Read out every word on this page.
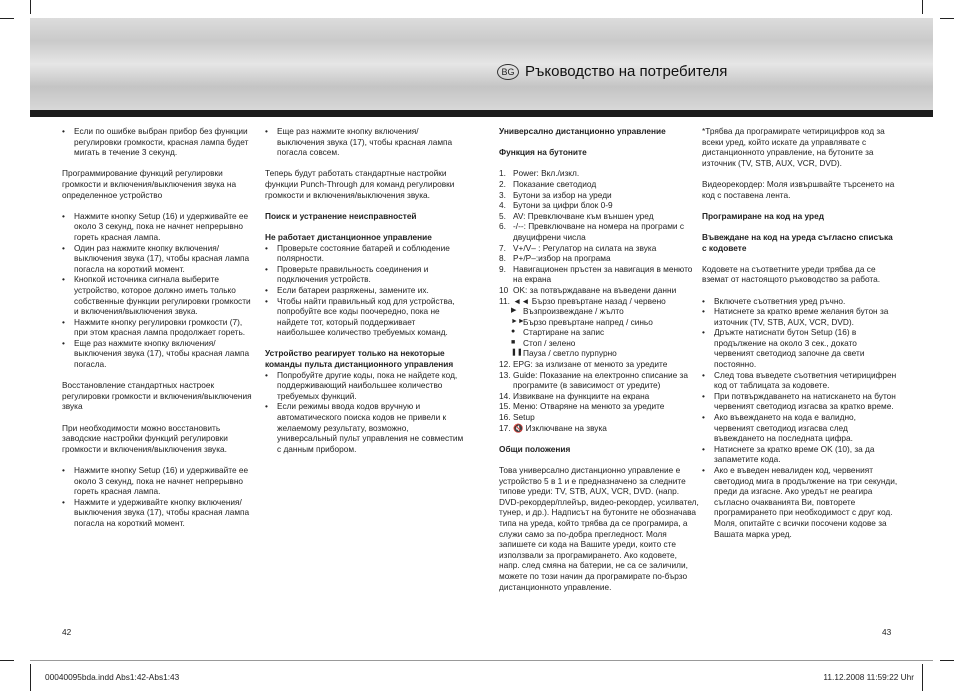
BG Ръководство на потребителя
• Если по ошибке выбран прибор без функции регулировки громкости, красная лампа будет мигать в течение 3 секунд.
Программирование функций регулировки громкости и включения/выключения звука на определенное устройство
• Нажмите кнопку Setup (16) и удерживайте ее около 3 секунд, пока не начнет непрерывно гореть красная лампа.
• Один раз нажмите кнопку включения/выключения звука (17), чтобы красная лампа погасла на короткий момент.
• Кнопкой источника сигнала выберите устройство, которое должно иметь только собственные функции регулировки громкости и включения/выключения звука.
• Нажмите кнопку регулировки громкости (7), при этом красная лампа продолжает гореть.
• Еще раз нажмите кнопку включения/выключения звука (17), чтобы красная лампа погасла.
Восстановление стандартных настроек регулировки громкости и включения/выключения звука
При необходимости можно восстановить заводские настройки функций регулировки громкости и включения/выключения звука.
• Нажмите кнопку Setup (16) и удерживайте ее около 3 секунд, пока не начнет непрерывно гореть красная лампа.
• Нажмите и удерживайте кнопку включения/выключения звука (17), чтобы красная лампа погасла на короткий момент.
• Еще раз нажмите кнопку включения/выключения звука (17), чтобы красная лампа погасла совсем.
Теперь будут работать стандартные настройки функции Punch-Through для команд регулировки громкости и включения/выключения звука.
Поиск и устранение неисправностей
Не работает дистанционное управление
• Проверьте состояние батарей и соблюдение полярности.
• Проверьте правильность соединения и подключения устройств.
• Если батареи разряжены, замените их.
• Чтобы найти правильный код для устройства, попробуйте все коды поочередно, пока не найдете тот, который поддерживает наибольшее количество требуемых команд.
Устройство реагирует только на некоторые команды пульта дистанционного управления
• Попробуйте другие коды, пока не найдете код, поддерживающий наибольшее количество требуемых функций.
• Если режимы ввода кодов вручную и автоматического поиска кодов не привели к желаемому результату, возможно, универсальный пульт управления не совместим с данным прибором.
Универсално дистанционно управление
Функция на бутоните
1. Power: Вкл./изкл.
2. Показание светодиод
3. Бутони за избор на уреди
4. Бутони за цифри блок 0-9
5. AV: Превключване към външен уред
6. -/--: Превключване на номера на програми с двуцифрени числа
7. V+/V– : Регулатор на силата на звука
8. P+/P–:избор на програма
9. Навигационен пръстен за навигация в менюто на екрана
10 OK: за потвърждаване на въведени данни
11. ◄◄ Бързо превъртане назад / червено
▶ Възпроизвеждане / жълто
►►
Бързо превъртане напред / синьо
● Стартиране на запис
■ Стоп / зелено
❚❚ Пауза / светло пурпурно
12. EPG: за излизане от менюто за уредите
13. Guide: Показание на електронно списание за програмите (в зависимост от уредите)
14. Извикване на функциите на екрана
15. Меню: Отваряне на менюто за уредите
16. Setup
17. 🔇 Изключване на звука
Общи положения
Това универсално дистанционно управление е устройство 5 в 1 и е предназначено за следните типове уреди: TV, STB, AUX, VCR, DVD. (напр. DVD-рекордер/плейър, видео-рекордер, усилвател, тунер, и др.). Надписът на бутоните не обозначава типа на уреда, който трябва да се програмира, а служи само за по-добра прегледност. Моля запишете си кода на Вашите уреди, които сте използвали за програмирането. Ако кодовете, напр. след смяна на батерии, не са се заличили, можете по този начин да програмирате по-бързо дистанционното управление.
*Трябва да програмирате четирицифров код за всеки уред, който искате да управлявате с дистанционното управление, на бутоните за източник (TV, STB, AUX, VCR, DVD).
Видеорекордер: Моля извършвайте търсенето на код с поставена лента.
Програмиране на код на уред
Въвеждане на код на уреда съгласно списъка с кодовете
Кодовете на съответните уреди трябва да се вземат от настоящото ръководство за работа.
• Включете съответния уред ръчно.
• Натиснете за кратко време желания бутон за източник (TV, STB, AUX, VCR, DVD).
• Дръжте натиснати бутон Setup (16) в продължение на около 3 сек., докато червеният светодиод започне да свети постоянно.
• След това въведете съответния четирицифрен код от таблицата за кодовете.
• При потвърждаването на натискането на бутон червеният светодиод изгасва за кратко време.
• Ако въвеждането на кода е валидно, червеният светодиод изгасва след въвеждането на последната цифра.
• Натиснете за кратко време OK (10), за да запаметите кода.
• Ако е въведен невалиден код, червеният светодиод мига в продължение на три секунди, преди да изгасне. Ако уредът не реагира съгласно очакванията Ви, повторете програмирането при необходимост с друг код. Моля, опитайте с всички посочени кодове за Вашата марка уред.
42	43
00040095bda.indd Abs1:42-Abs1:43	11.12.2008 11:59:22 Uhr
